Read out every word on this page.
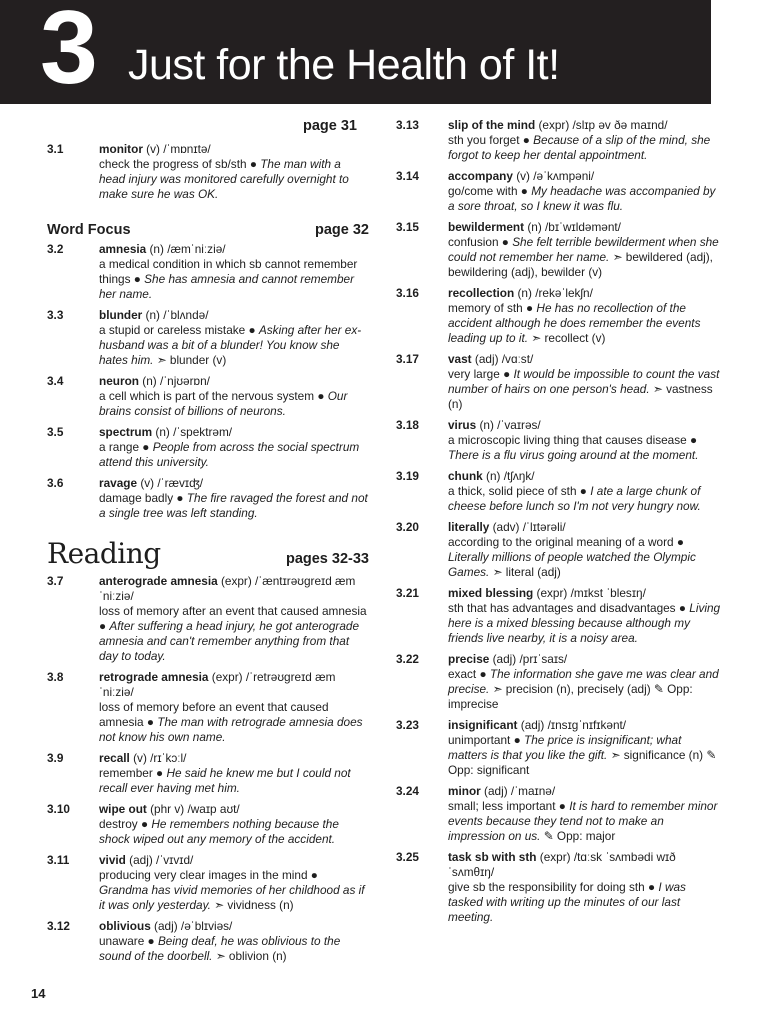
3 Just for the Health of It!
page 31
3.1	monitor (v) /ˈmɒnɪtə/
check the progress of sb/sth ● The man with a head injury was monitored carefully overnight to make sure he was OK.
Word Focus	page 32
3.2	amnesia (n) /æmˈniːziə/
a medical condition in which sb cannot remember things ● She has amnesia and cannot remember her name.
3.3	blunder (n) /ˈblʌndə/
a stupid or careless mistake ● Asking after her ex-husband was a bit of a blunder! You know she hates him. ➣ blunder (v)
3.4	neuron (n) /ˈnjʊərɒn/
a cell which is part of the nervous system ● Our brains consist of billions of neurons.
3.5	spectrum (n) /ˈspektrəm/
a range ● People from across the social spectrum attend this university.
3.6	ravage (v) /ˈrævɪʤ/
damage badly ● The fire ravaged the forest and not a single tree was left standing.
Reading	pages 32-33
3.7	anterograde amnesia (expr) /ˈæntɪrəʊɡreɪd æmˈniːziə/
loss of memory after an event that caused amnesia ● After suffering a head injury, he got anterograde amnesia and can't remember anything from that day to today.
3.8	retrograde amnesia (expr) /ˈretrəʊɡreɪd æmˈniːziə/
loss of memory before an event that caused amnesia ● The man with retrograde amnesia does not know his own name.
3.9	recall (v) /rɪˈkɔːl/
remember ● He said he knew me but I could not recall ever having met him.
3.10	wipe out (phr v) /waɪp aʊt/
destroy ● He remembers nothing because the shock wiped out any memory of the accident.
3.11	vivid (adj) /ˈvɪvɪd/
producing very clear images in the mind ● Grandma has vivid memories of her childhood as if it was only yesterday. ➣ vividness (n)
3.12	oblivious (adj) /əˈblɪviəs/
unaware ● Being deaf, he was oblivious to the sound of the doorbell. ➣ oblivion (n)
3.13	slip of the mind (expr) /slɪp əv ðə maɪnd/
sth you forget ● Because of a slip of the mind, she forgot to keep her dental appointment.
3.14	accompany (v) /əˈkʌmpəni/
go/come with ● My headache was accompanied by a sore throat, so I knew it was flu.
3.15	bewilderment (n) /bɪˈwɪldəmənt/
confusion ● She felt terrible bewilderment when she could not remember her name. ➣ bewildered (adj), bewildering (adj), bewilder (v)
3.16	recollection (n) /rekəˈlekʃn/
memory of sth ● He has no recollection of the accident although he does remember the events leading up to it. ➣ recollect (v)
3.17	vast (adj) /vɑːst/
very large ● It would be impossible to count the vast number of hairs on one person's head. ➣ vastness (n)
3.18	virus (n) /ˈvaɪrəs/
a microscopic living thing that causes disease ● There is a flu virus going around at the moment.
3.19	chunk (n) /tʃʌŋk/
a thick, solid piece of sth ● I ate a large chunk of cheese before lunch so I'm not very hungry now.
3.20	literally (adv) /ˈlɪtərəli/
according to the original meaning of a word ● Literally millions of people watched the Olympic Games. ➣ literal (adj)
3.21	mixed blessing (expr) /mɪkst ˈblesɪŋ/
sth that has advantages and disadvantages ● Living here is a mixed blessing because although my friends live nearby, it is a noisy area.
3.22	precise (adj) /prɪˈsaɪs/
exact ● The information she gave me was clear and precise. ➣ precision (n), precisely (adj) ✎ Opp: imprecise
3.23	insignificant (adj) /ɪnsɪɡˈnɪfɪkənt/
unimportant ● The price is insignificant; what matters is that you like the gift. ➣ significance (n) ✎ Opp: significant
3.24	minor (adj) /ˈmaɪnə/
small; less important ● It is hard to remember minor events because they tend not to make an impression on us. ✎ Opp: major
3.25	task sb with sth (expr) /tɑːsk ˈsʌmbədi wɪð ˈsʌmθɪŋ/
give sb the responsibility for doing sth ● I was tasked with writing up the minutes of our last meeting.
14
